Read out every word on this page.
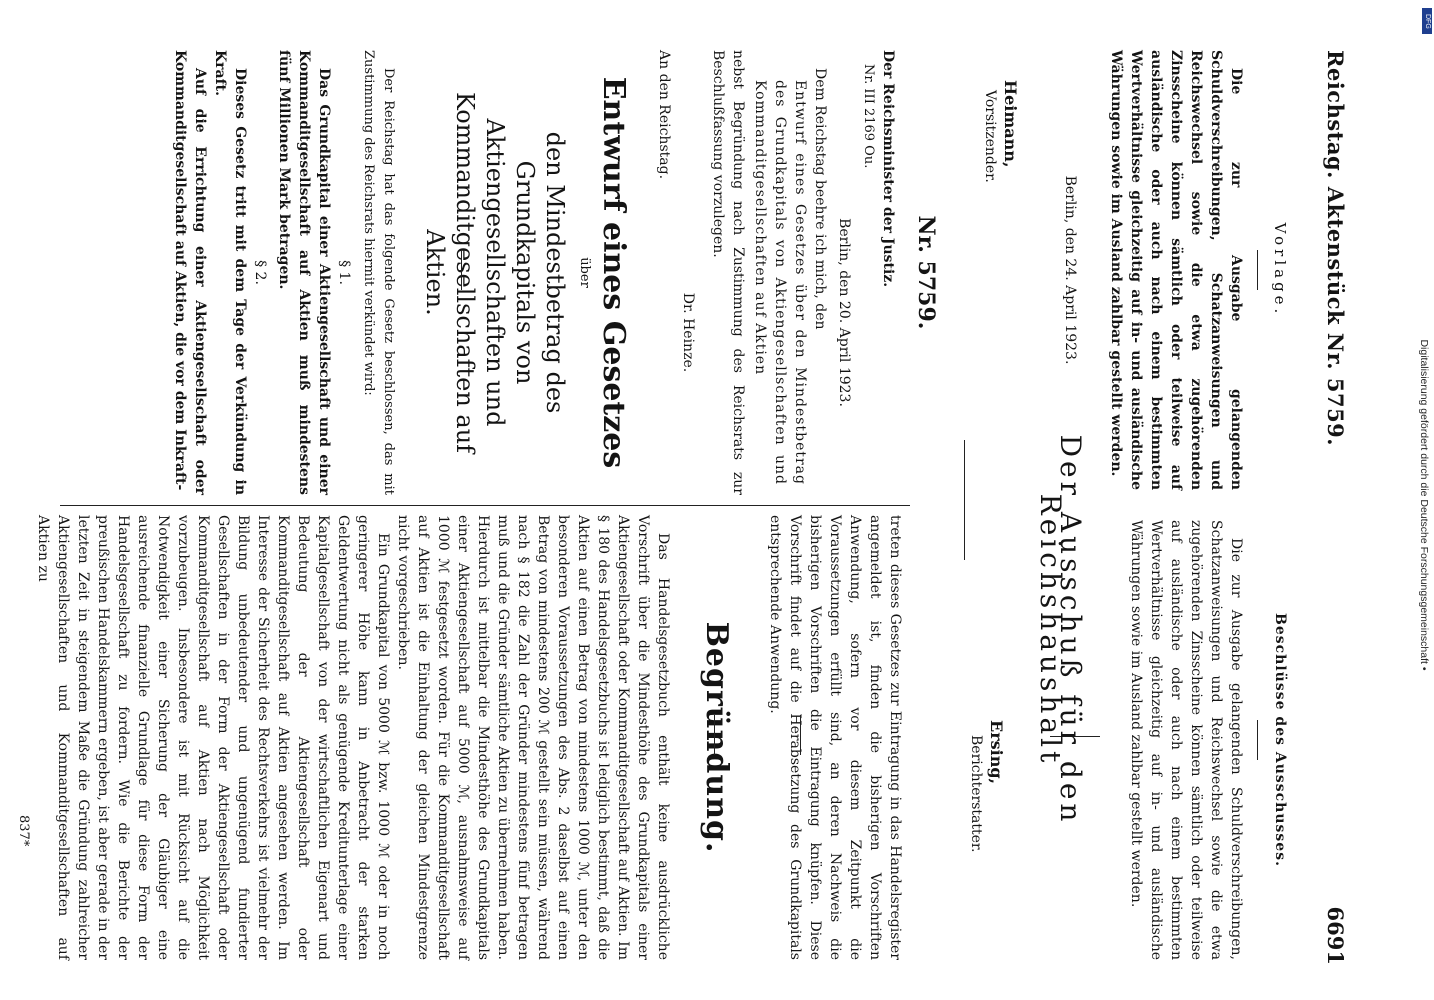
Reichstag. Aktenstück Nr. 5759.
6691

Vorlage.

Die zur Ausgabe gelangenden Schuldverschreibungen, Schatzanweisungen und Reichswechsel sowie die etwa zugehörenden Zinsscheine können sämtlich oder teilweise auf ausländische oder auch nach einem bestimmten Wertverhältnisse gleichzeitig auf in- und ausländische Währungen sowie im Ausland zahlbar gestellt werden.

Berlin, den 24. April 1923.

Heimann,

Vorsitzender.

Beschlüsse des Ausschusses.

Die zur Ausgabe gelangenden Schuldverschreibungen, Schatzanweisungen und Reichswechsel sowie die etwa zugehörenden Zinsscheine können sämtlich oder teilweise auf ausländische oder auch nach einem bestimmten Wertverhältnisse gleichzeitig auf in- und ausländische Währungen sowie im Ausland zahlbar gestellt werden.

Ersing,

Berichterstatter.	Der Ausschuß für den Reichshaushalt

Nr. 5759.

Der Reichsminister der Justiz.

Nr. III 2169 Ou.

Berlin, den 20. April 1923.

Dem Reichstag beehre ich mich, den

Entwurf eines Gesetzes über den Mindestbetrag des Grundkapitals von Aktiengesellschaften und Kommanditgesellschaften auf Aktien

nebst Begründung nach Zustimmung des Reichsrats zur Beschlußfassung vorzulegen.

Dr. Heinze.

An den Reichstag.

Entwurf eines Gesetzes

über

den Mindestbetrag des Grundkapitals von Aktiengesellschaften und Kommanditgesellschaften auf Aktien.

Der Reichstag hat das folgende Gesetz beschlossen, das mit Zustimmung des Reichsrats hiermit verkündet wird:

§ 1.

Das Grundkapital einer Aktiengesellschaft und einer Kommanditgesellschaft auf Aktien muß mindestens fünf Millionen Mark betragen.

§ 2.

Dieses Gesetz tritt mit dem Tage der Verkündung in Kraft.

Auf die Errichtung einer Aktiengesellschaft oder Kommanditgesellschaft auf Aktien, die vor dem Inkraft-

treten dieses Gesetzes zur Eintragung in das Handelsregister angemeldet ist, finden die bisherigen Vorschriften Anwendung, sofern vor diesem Zeitpunkt die Voraussetzungen erfüllt sind, an deren Nachweis die bisherigen Vorschriften die Eintragung knüpfen. Diese Vorschrift findet auf die Herabsetzung des Grundkapitals entsprechende Anwendung.

Begründung.

Das Handelsgesetzbuch enthält keine ausdrückliche Vorschrift über die Mindesthöhe des Grundkapitals einer Aktiengesellschaft oder Kommanditgesellschaft auf Aktien. Im § 180 des Handelsgesetzbuchs ist lediglich bestimmt, daß die Aktien auf einen Betrag von mindestens 1000 ℳ, unter den besonderen Voraussetzungen des Abs. 2 daselbst auf einen Betrag von mindestens 200 ℳ gestellt sein müssen, während nach § 182 die Zahl der Gründer mindestens fünf betragen muß und die Gründer sämtliche Aktien zu übernehmen haben. Hierdurch ist mittelbar die Mindesthöhe des Grundkapitals einer Aktiengesellschaft auf 5000 ℳ, ausnahmsweise auf 1000 ℳ festgesetzt worden. Für die Kommanditgesellschaft auf Aktien ist die Einhaltung der gleichen Mindestgrenze nicht vorgeschrieben.

Ein Grundkapital von 5000 ℳ bzw. 1000 ℳ oder in noch geringerer Höhe kann in Anbetracht der starken Geldentwertung nicht als genügende Kreditunterlage einer Kapitalgesellschaft von der wirtschaftlichen Eigenart und Bedeutung der Aktiengesellschaft oder Kommanditgesellschaft auf Aktien angesehen werden. Im Interesse der Sicherheit des Rechtsverkehrs ist vielmehr der Bildung unbedeutender und ungenügend fundierter Gesellschaften in der Form der Aktiengesellschaft oder Kommanditgesellschaft auf Aktien nach Möglichkeit vorzubeugen. Insbesondere ist mit Rücksicht auf die Notwendigkeit einer Sicherung der Gläubiger eine ausreichende finanzielle Grundlage für diese Form der Handelsgesellschaft zu fordern. Wie die Berichte der preußischen Handelskammern ergeben, ist aber gerade in der letzten Zeit in steigendem Maße die Gründung zahlreicher Aktiengesellschaften und Kommanditgesellschaften auf Aktien zu

837*

Digitalisierung gefördert durch die Deutsche Forschungsgemeinschaft •
DFG
